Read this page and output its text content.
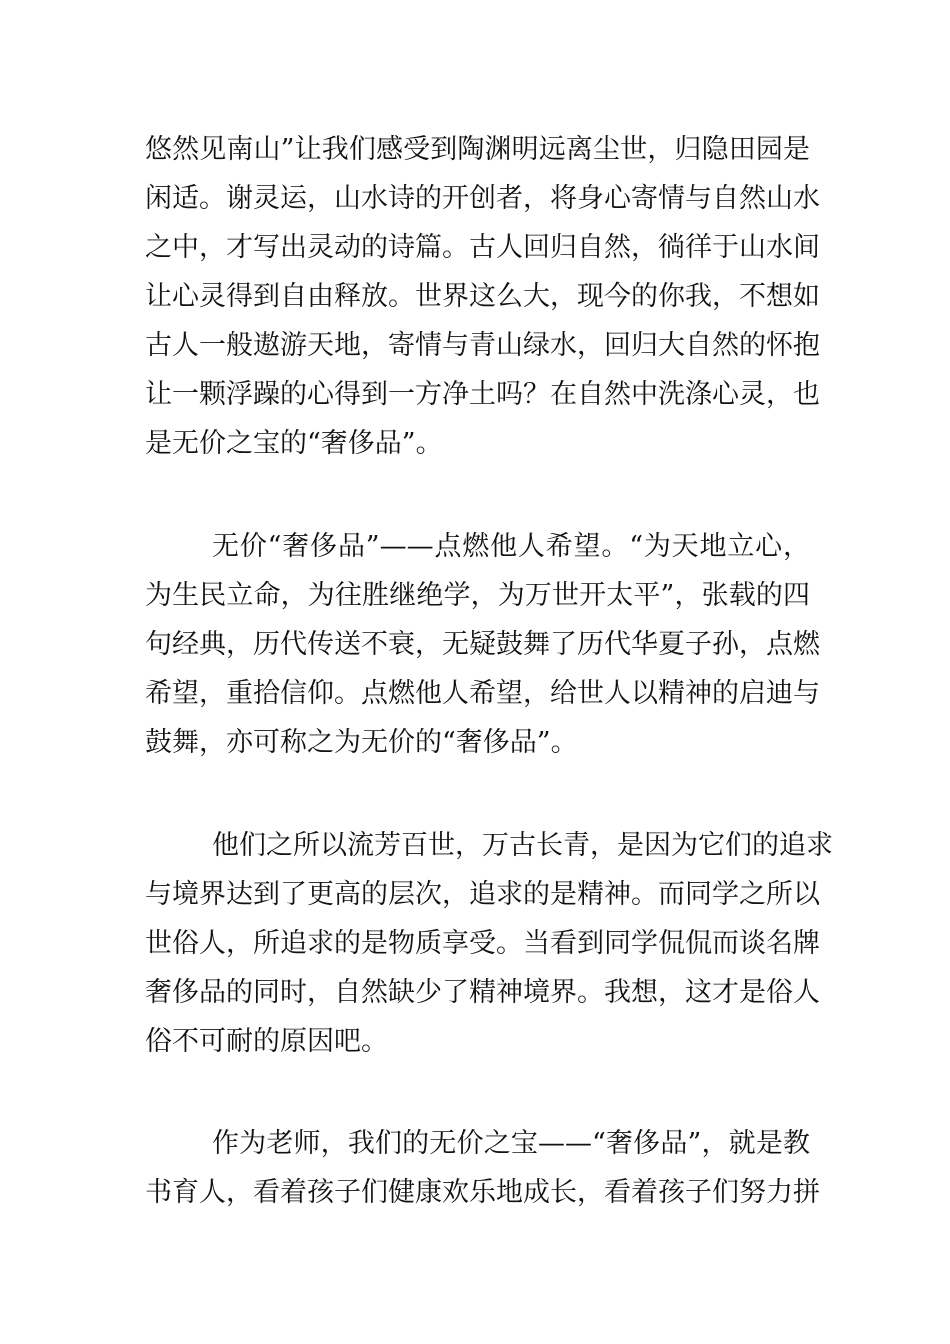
悠然见南山”让我们感受到陶渊明远离尘世，归隐田园是
闲适。谢灵运，山水诗的开创者，将身心寄情与自然山水
之中，才写出灵动的诗篇。古人回归自然，徜徉于山水间
让心灵得到自由释放。世界这么大，现今的你我，不想如
古人一般遨游天地，寄情与青山绿水，回归大自然的怀抱
让一颗浮躁的心得到一方净土吗？在自然中洗涤心灵，也
是无价之宝的“奢侈品”。
无价“奢侈品”——点燃他人希望。“为天地立心，
为生民立命，为往胜继绝学，为万世开太平”，张载的四
句经典，历代传送不衰，无疑鼓舞了历代华夏子孙，点燃
希望，重拾信仰。点燃他人希望，给世人以精神的启迪与
鼓舞，亦可称之为无价的“奢侈品”。
他们之所以流芳百世，万古长青，是因为它们的追求
与境界达到了更高的层次，追求的是精神。而同学之所以
世俗人，所追求的是物质享受。当看到同学侃侃而谈名牌
奢侈品的同时，自然缺少了精神境界。我想，这才是俗人
俗不可耐的原因吧。
作为老师，我们的无价之宝——“奢侈品”，就是教
书育人，看着孩子们健康欢乐地成长，看着孩子们努力拼
